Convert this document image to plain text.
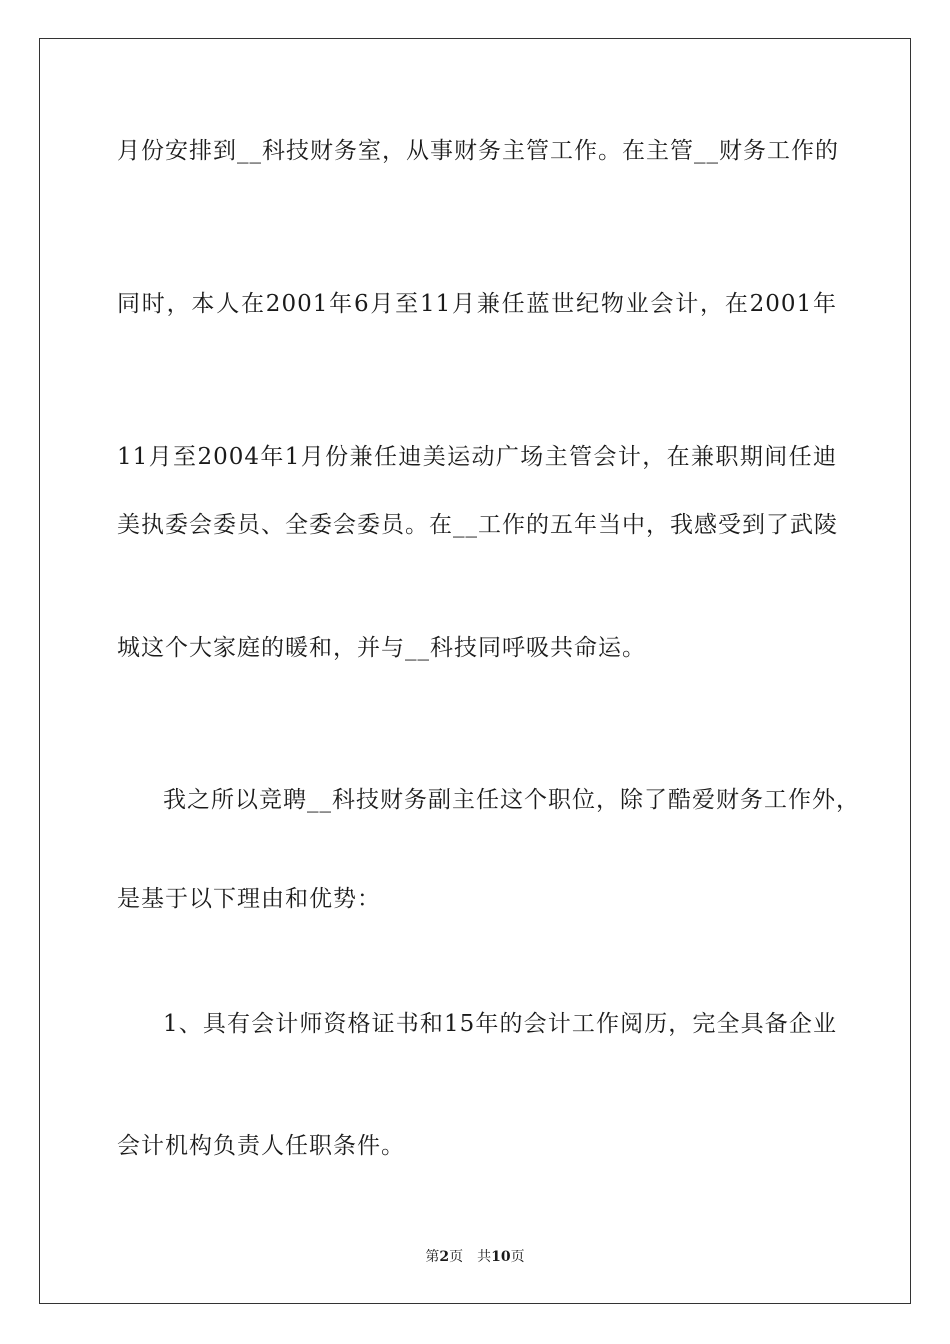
月份安排到__科技财务室，从事财务主管工作。在主管__财务工作的
同时，本人在2001年6月至11月兼任蓝世纪物业会计，在2001年
11月至2004年1月份兼任迪美运动广场主管会计，在兼职期间任迪
美执委会委员、全委会委员。在__工作的五年当中，我感受到了武陵
城这个大家庭的暖和，并与__科技同呼吸共命运。
我之所以竞聘__科技财务副主任这个职位，除了酷爱财务工作外，
是基于以下理由和优势：
1、具有会计师资格证书和15年的会计工作阅历，完全具备企业
会计机构负责人任职条件。
第2页 共10页
